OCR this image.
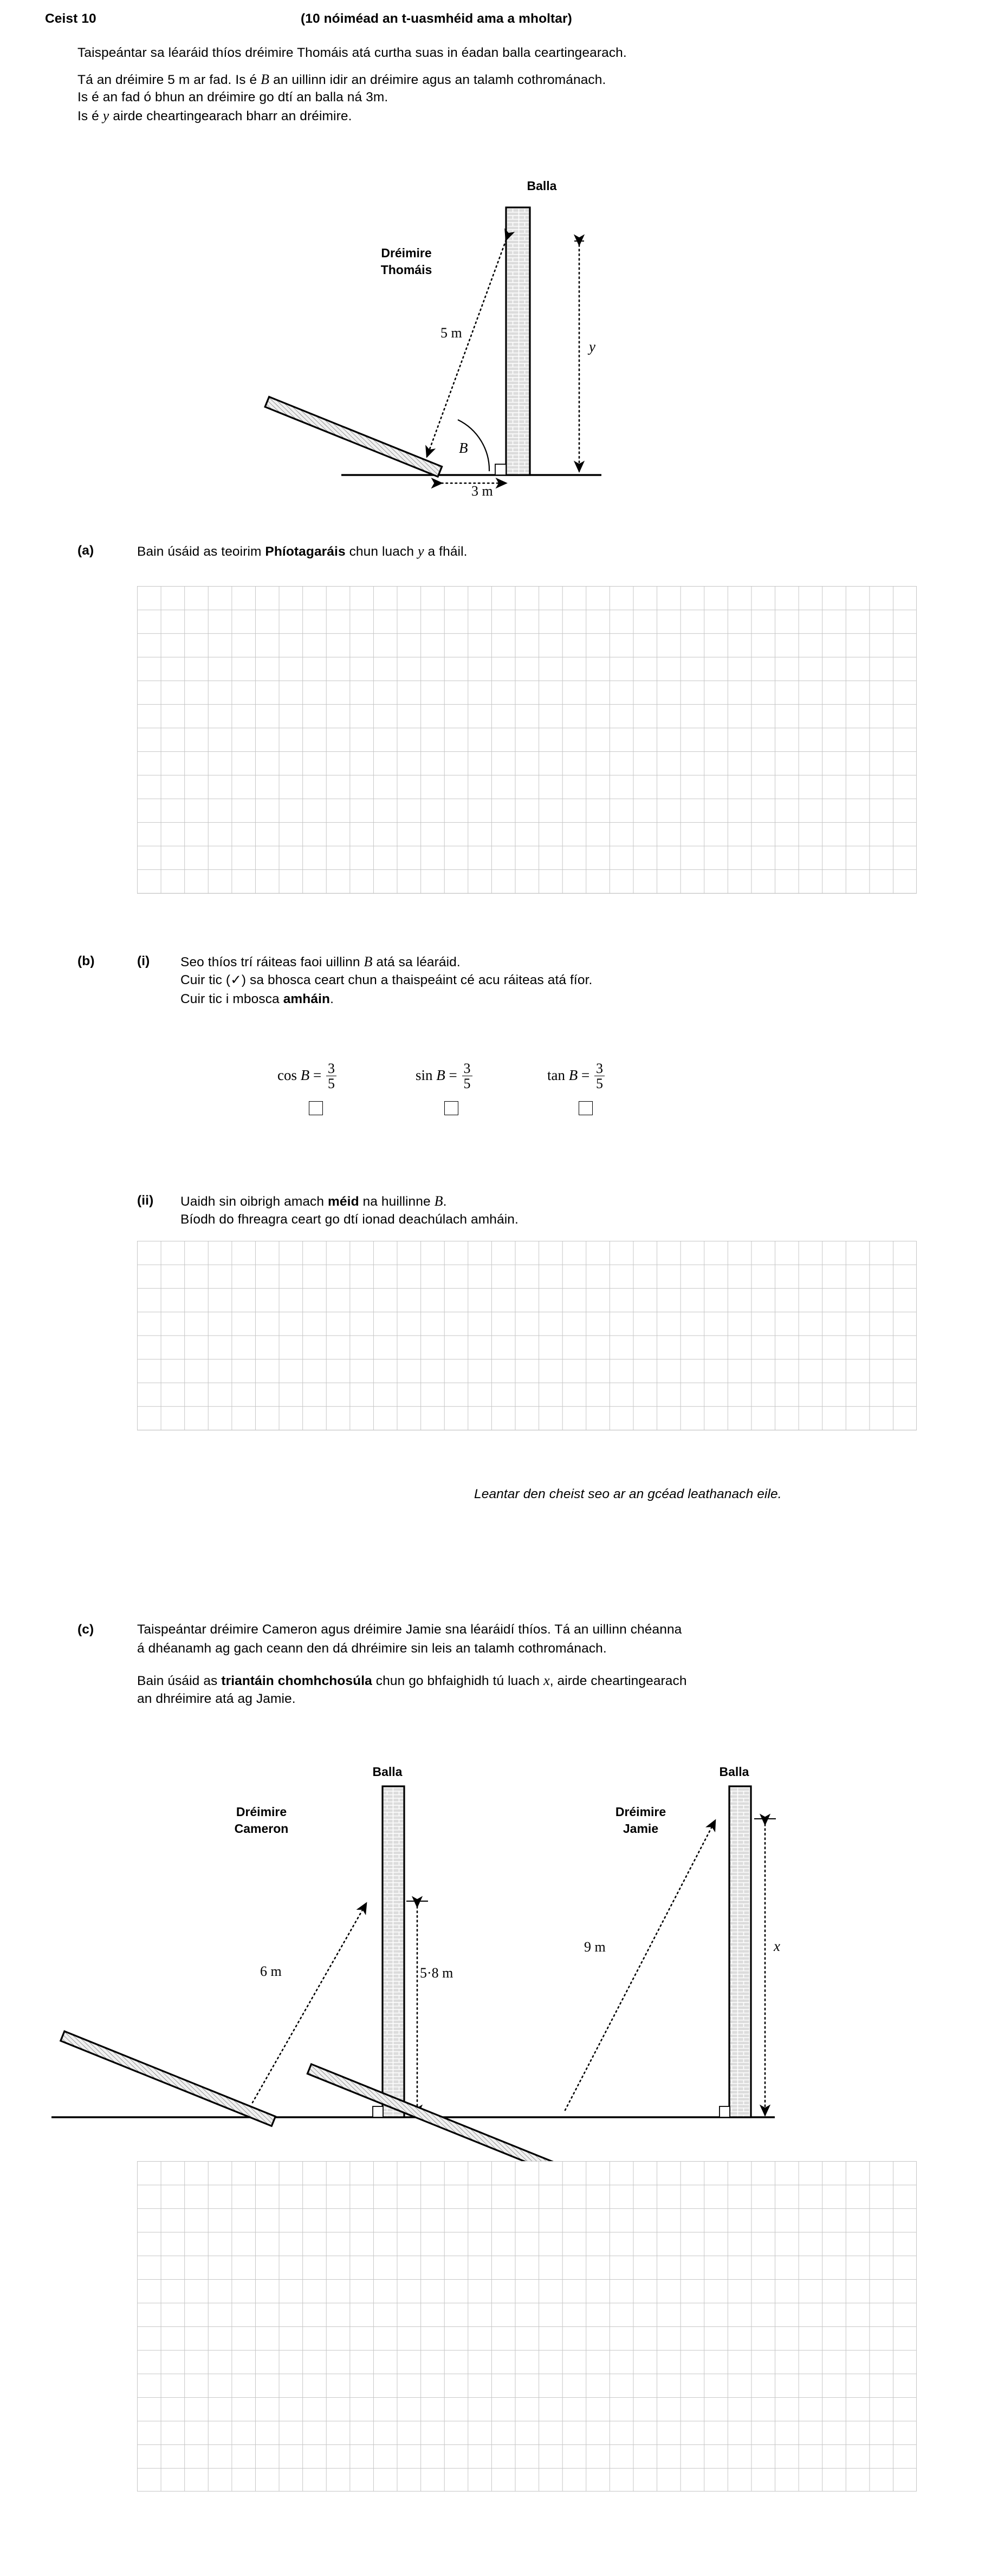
Ceist 10	(10 nóiméad an t-uasmhéid ama a mholtar)
Taispeántar sa léaráid thíos dréimire Thomáis atá curtha suas in éadan balla ceartingearach.
Tá an dréimire 5 m ar fad. Is é B an uillinn idir an dréimire agus an talamh cothrománach.
Is é an fad ó bhun an dréimire go dtí an balla ná 3m.
Is é y airde cheartingearach bharr an dréimire.
Balla
Dréimire
Thomáis
5 m
B
y
3 m
(a)	Bain úsáid as teoirim Phíotagaráis chun luach y a fháil.
(b)	(i) Seo thíos trí ráiteas faoi uillinn B atá sa léaráid.
Cuir tic (✓) sa bhosca ceart chun a thaispeáint cé acu ráiteas atá fíor.
Cuir tic i mbosca amháin.
$\cos B = \frac{3}{5}$	$\sin B = \frac{3}{5}$	$\tan B = \frac{3}{5}$
(ii) Uaidh sin oibrigh amach méid na huillinne B.
Bíodh do fhreagra ceart go dtí ionad deachúlach amháin.
Leantar den cheist seo ar an gcéad leathanach eile.
(c)	Taispeántar dréimire Cameron agus dréimire Jamie sna léaráidí thíos. Tá an uillinn chéanna
á dhéanamh ag gach ceann den dá dhréimire sin leis an talamh cothrománach.
Bain úsáid as triantáin chomhchosúla chun go bhfaighidh tú luach x, airde cheartingearach
an dhréimire atá ag Jamie.
Balla
Dréimire
Cameron
6 m	5·8 m
Balla
Dréimire
Jamie
9 m	x
